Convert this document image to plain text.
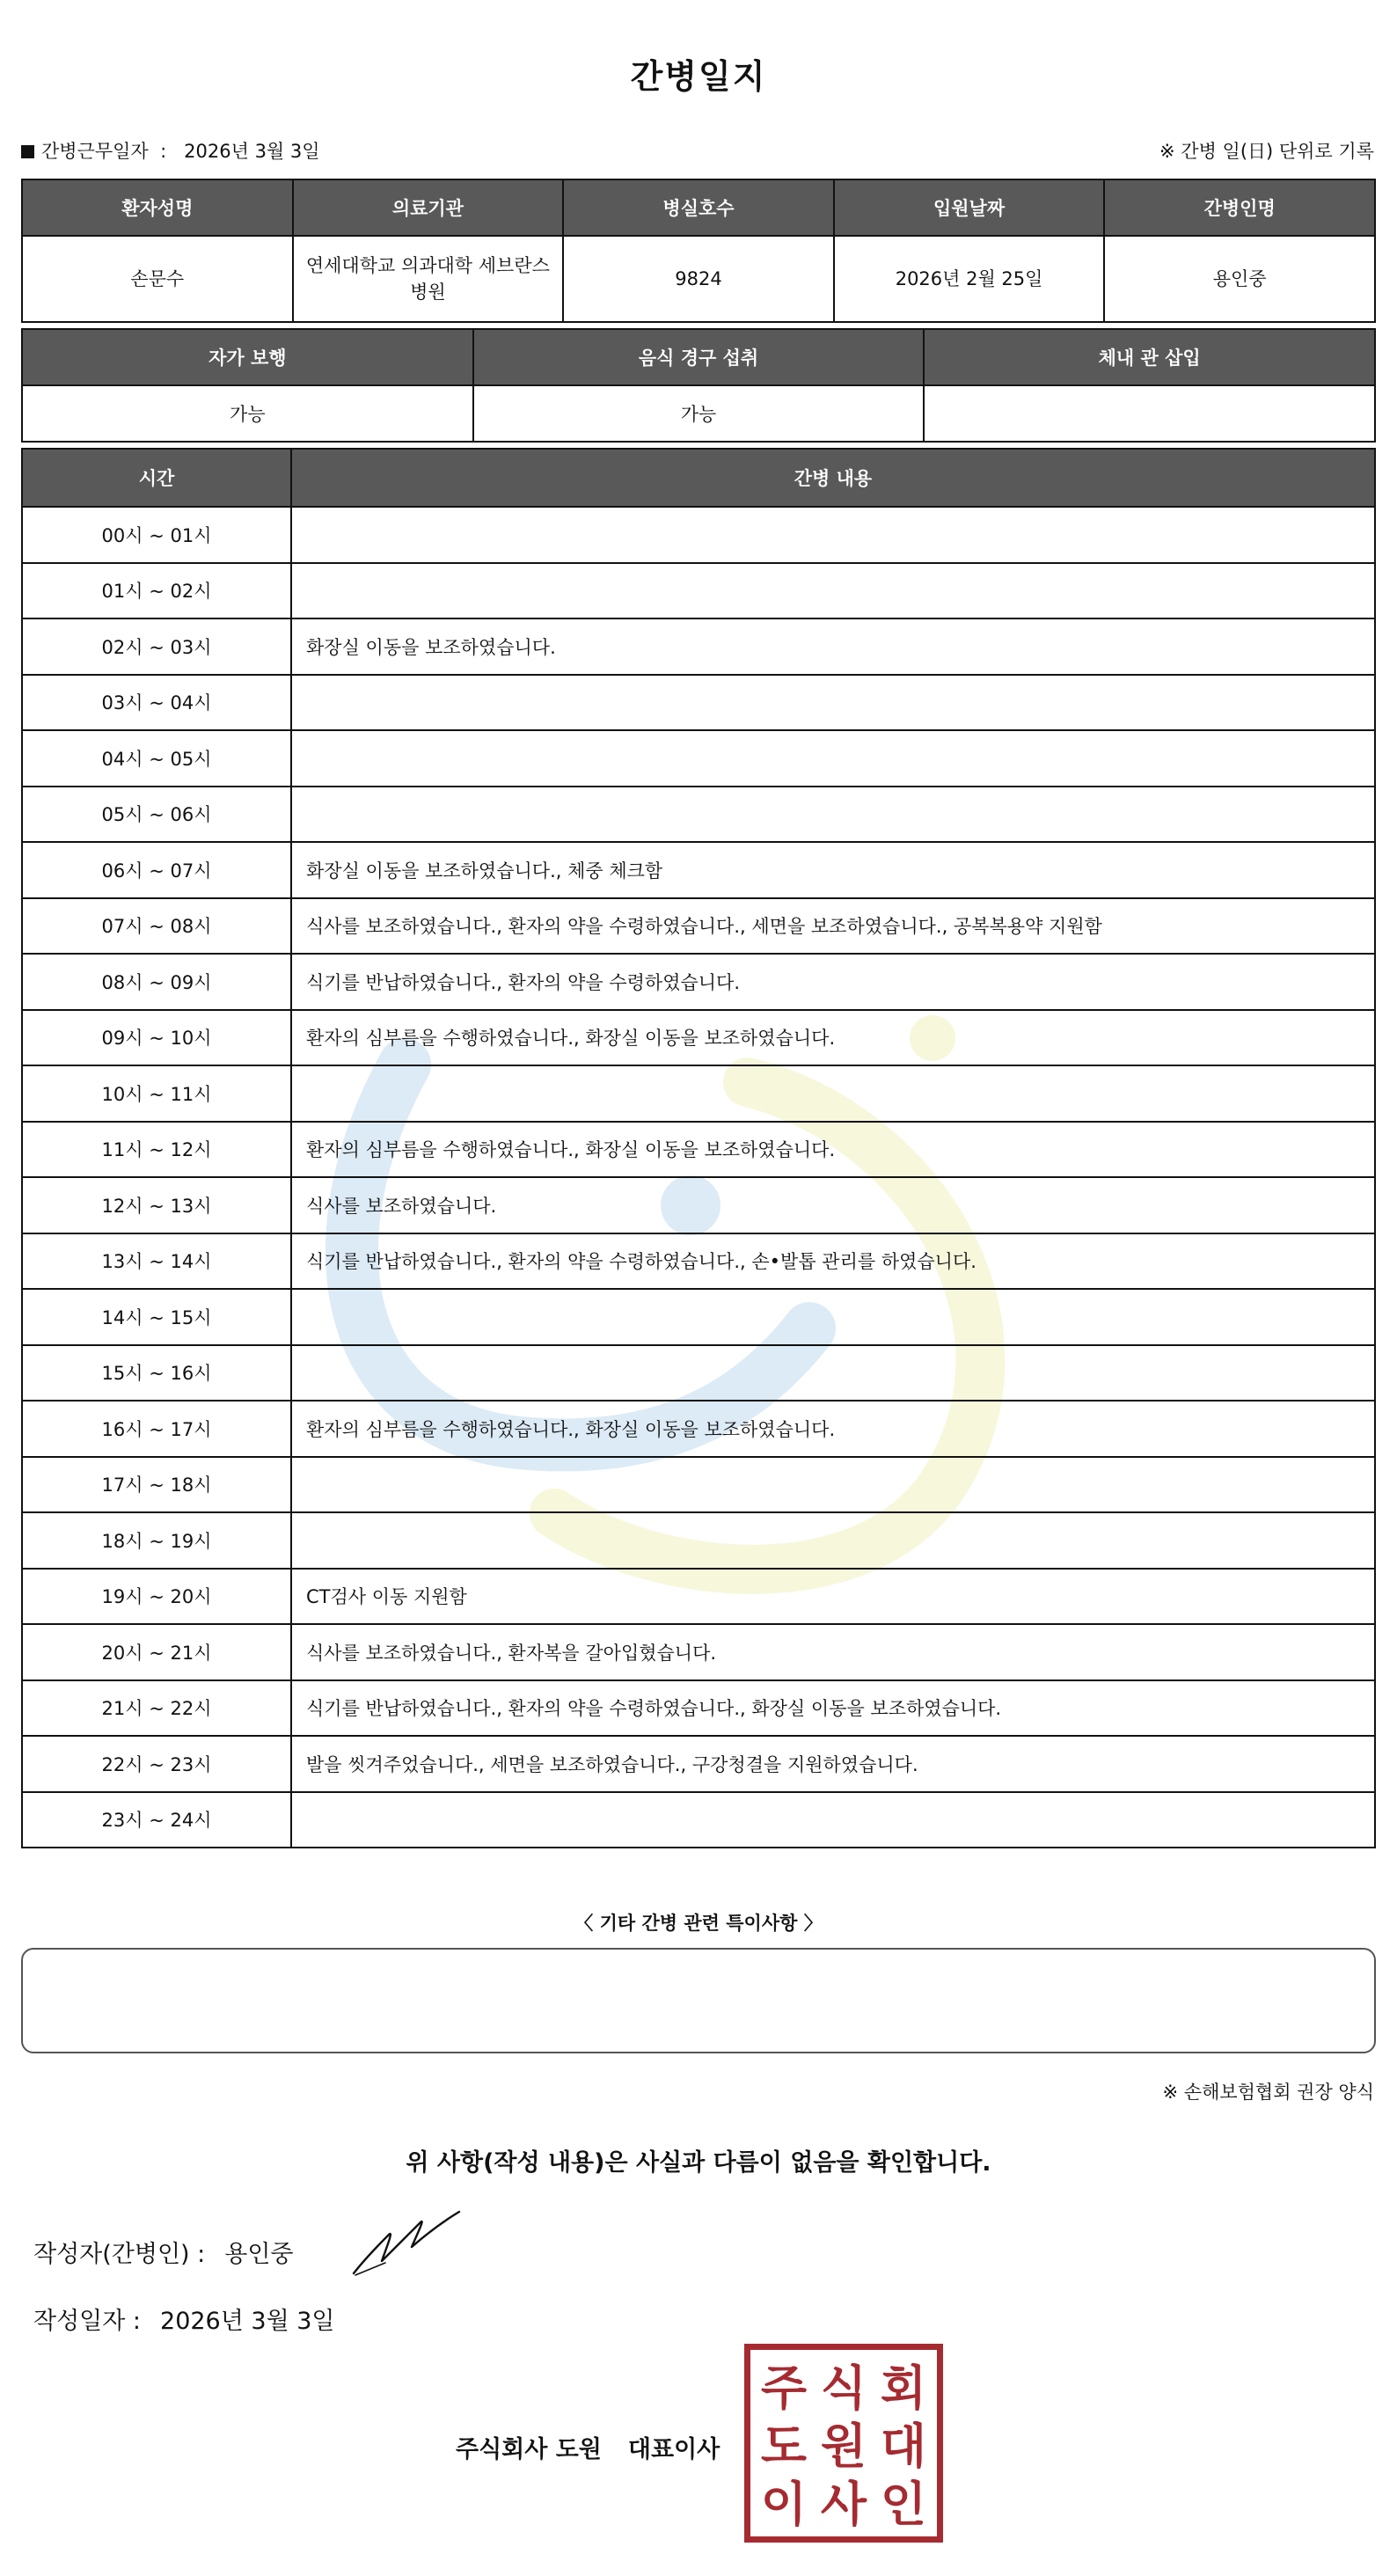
간병일지
간병근무일자  :   2026년 3월 3일	※ 간병 일(日) 단위로 기록
환자성명	의료기관	병실호수	입원날짜	간병인명
손문수	연세대학교 의과대학 세브란스병원	9824	2026년 2월 25일	용인중
자가 보행	음식 경구 섭취	체내 관 삽입
가능	가능	
시간	간병 내용
00시 ~ 01시	
01시 ~ 02시	
02시 ~ 03시	화장실 이동을 보조하였습니다.
03시 ~ 04시	
04시 ~ 05시	
05시 ~ 06시	
06시 ~ 07시	화장실 이동을 보조하였습니다., 체중 체크함
07시 ~ 08시	식사를 보조하였습니다., 환자의 약을 수령하였습니다., 세면을 보조하였습니다., 공복복용약 지원함
08시 ~ 09시	식기를 반납하였습니다., 환자의 약을 수령하였습니다.
09시 ~ 10시	환자의 심부름을 수행하였습니다., 화장실 이동을 보조하였습니다.
10시 ~ 11시	
11시 ~ 12시	환자의 심부름을 수행하였습니다., 화장실 이동을 보조하였습니다.
12시 ~ 13시	식사를 보조하였습니다.
13시 ~ 14시	식기를 반납하였습니다., 환자의 약을 수령하였습니다., 손•발톱 관리를 하였습니다.
14시 ~ 15시	
15시 ~ 16시	
16시 ~ 17시	환자의 심부름을 수행하였습니다., 화장실 이동을 보조하였습니다.
17시 ~ 18시	
18시 ~ 19시	
19시 ~ 20시	CT검사 이동 지원함
20시 ~ 21시	식사를 보조하였습니다., 환자복을 갈아입혔습니다.
21시 ~ 22시	식기를 반납하였습니다., 환자의 약을 수령하였습니다., 화장실 이동을 보조하였습니다.
22시 ~ 23시	발을 씻겨주었습니다., 세면을 보조하였습니다., 구강청결을 지원하였습니다.
23시 ~ 24시	
〈 기타 간병 관련 특이사항 〉
※ 손해보험협회 권장 양식
위 사항(작성 내용)은 사실과 다름이 없음을 확인합니다.
작성자(간병인) : 용인중
작성일자 : 2026년 3월 3일
주식회사 도원 대표이사
주 식 회
도 원 대
이 사 인
